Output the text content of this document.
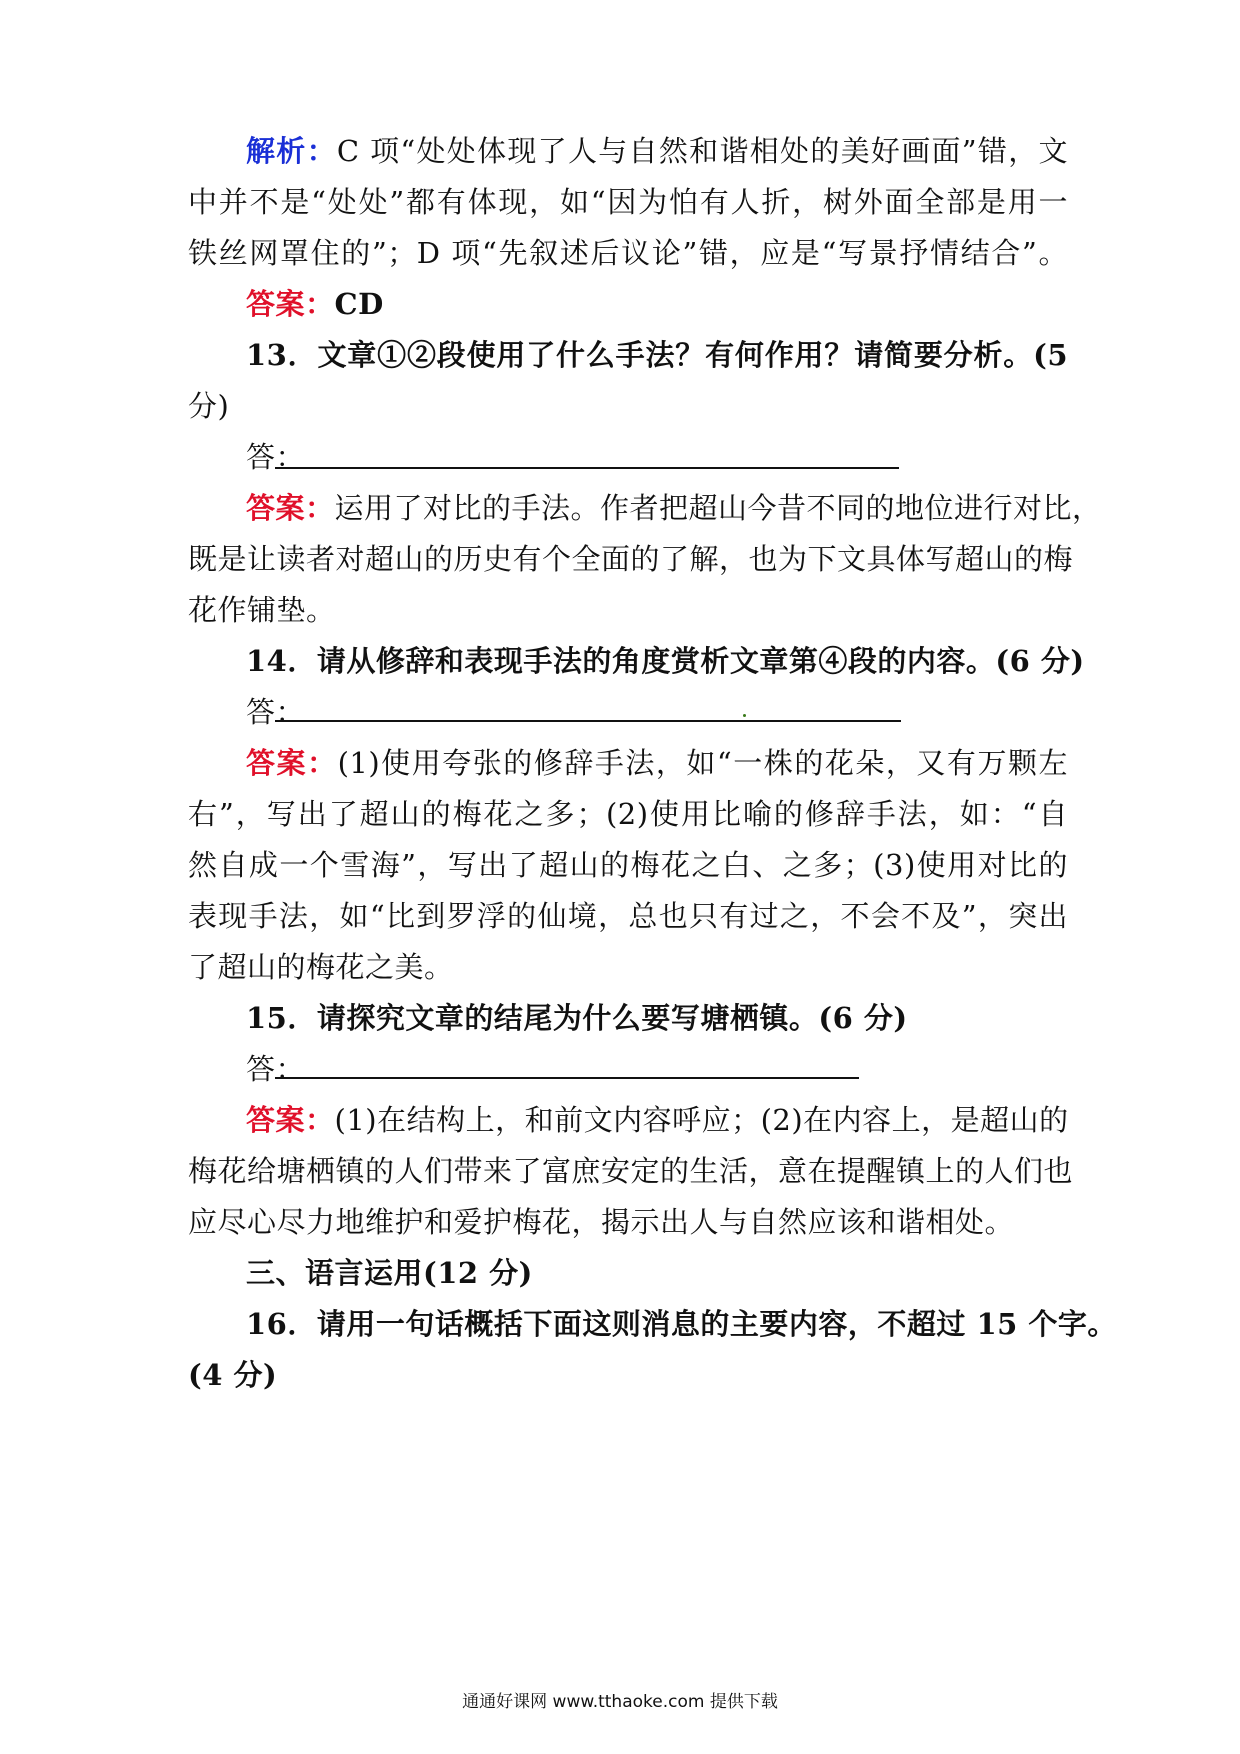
解析：C 项“处处体现了人与自然和谐相处的美好画面”错，文
中并不是“处处”都有体现，如“因为怕有人折，树外面全部是用一
铁丝网罩住的”；D 项“先叙述后议论”错，应是“写景抒情结合”。
答案：CD
13．文章①②段使用了什么手法？有何作用？请简要分析。(5
分)
答：
答案：运用了对比的手法。作者把超山今昔不同的地位进行对比，
既是让读者对超山的历史有个全面的了解，也为下文具体写超山的梅
花作铺垫。
14．请从修辞和表现手法的角度赏析文章第④段的内容。(6 分)
答：
答案：(1)使用夸张的修辞手法，如“一株的花朵，又有万颗左
右”，写出了超山的梅花之多；(2)使用比喻的修辞手法，如：“自
然自成一个雪海”，写出了超山的梅花之白、之多；(3)使用对比的
表现手法，如“比到罗浮的仙境，总也只有过之，不会不及”，突出
了超山的梅花之美。
15．请探究文章的结尾为什么要写塘栖镇。(6 分)
答：
答案：(1)在结构上，和前文内容呼应；(2)在内容上，是超山的
梅花给塘栖镇的人们带来了富庶安定的生活，意在提醒镇上的人们也
应尽心尽力地维护和爱护梅花，揭示出人与自然应该和谐相处。
三、语言运用(12 分)
16．请用一句话概括下面这则消息的主要内容，不超过 15 个字。
(4 分)
通通好课网 www.tthaoke.com 提供下载
